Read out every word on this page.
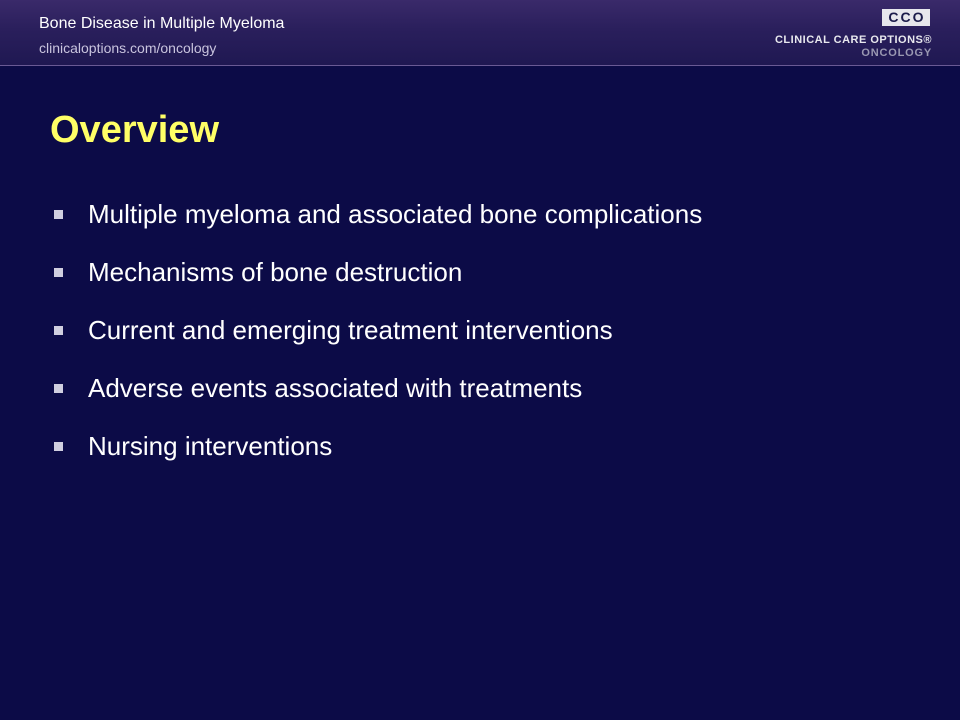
Bone Disease in Multiple Myeloma
clinicaloptions.com/oncology
C C O
CLINICAL CARE OPTIONS®
ONCOLOGY
Overview
Multiple myeloma and associated bone complications
Mechanisms of bone destruction
Current and emerging treatment interventions
Adverse events associated with treatments
Nursing interventions
